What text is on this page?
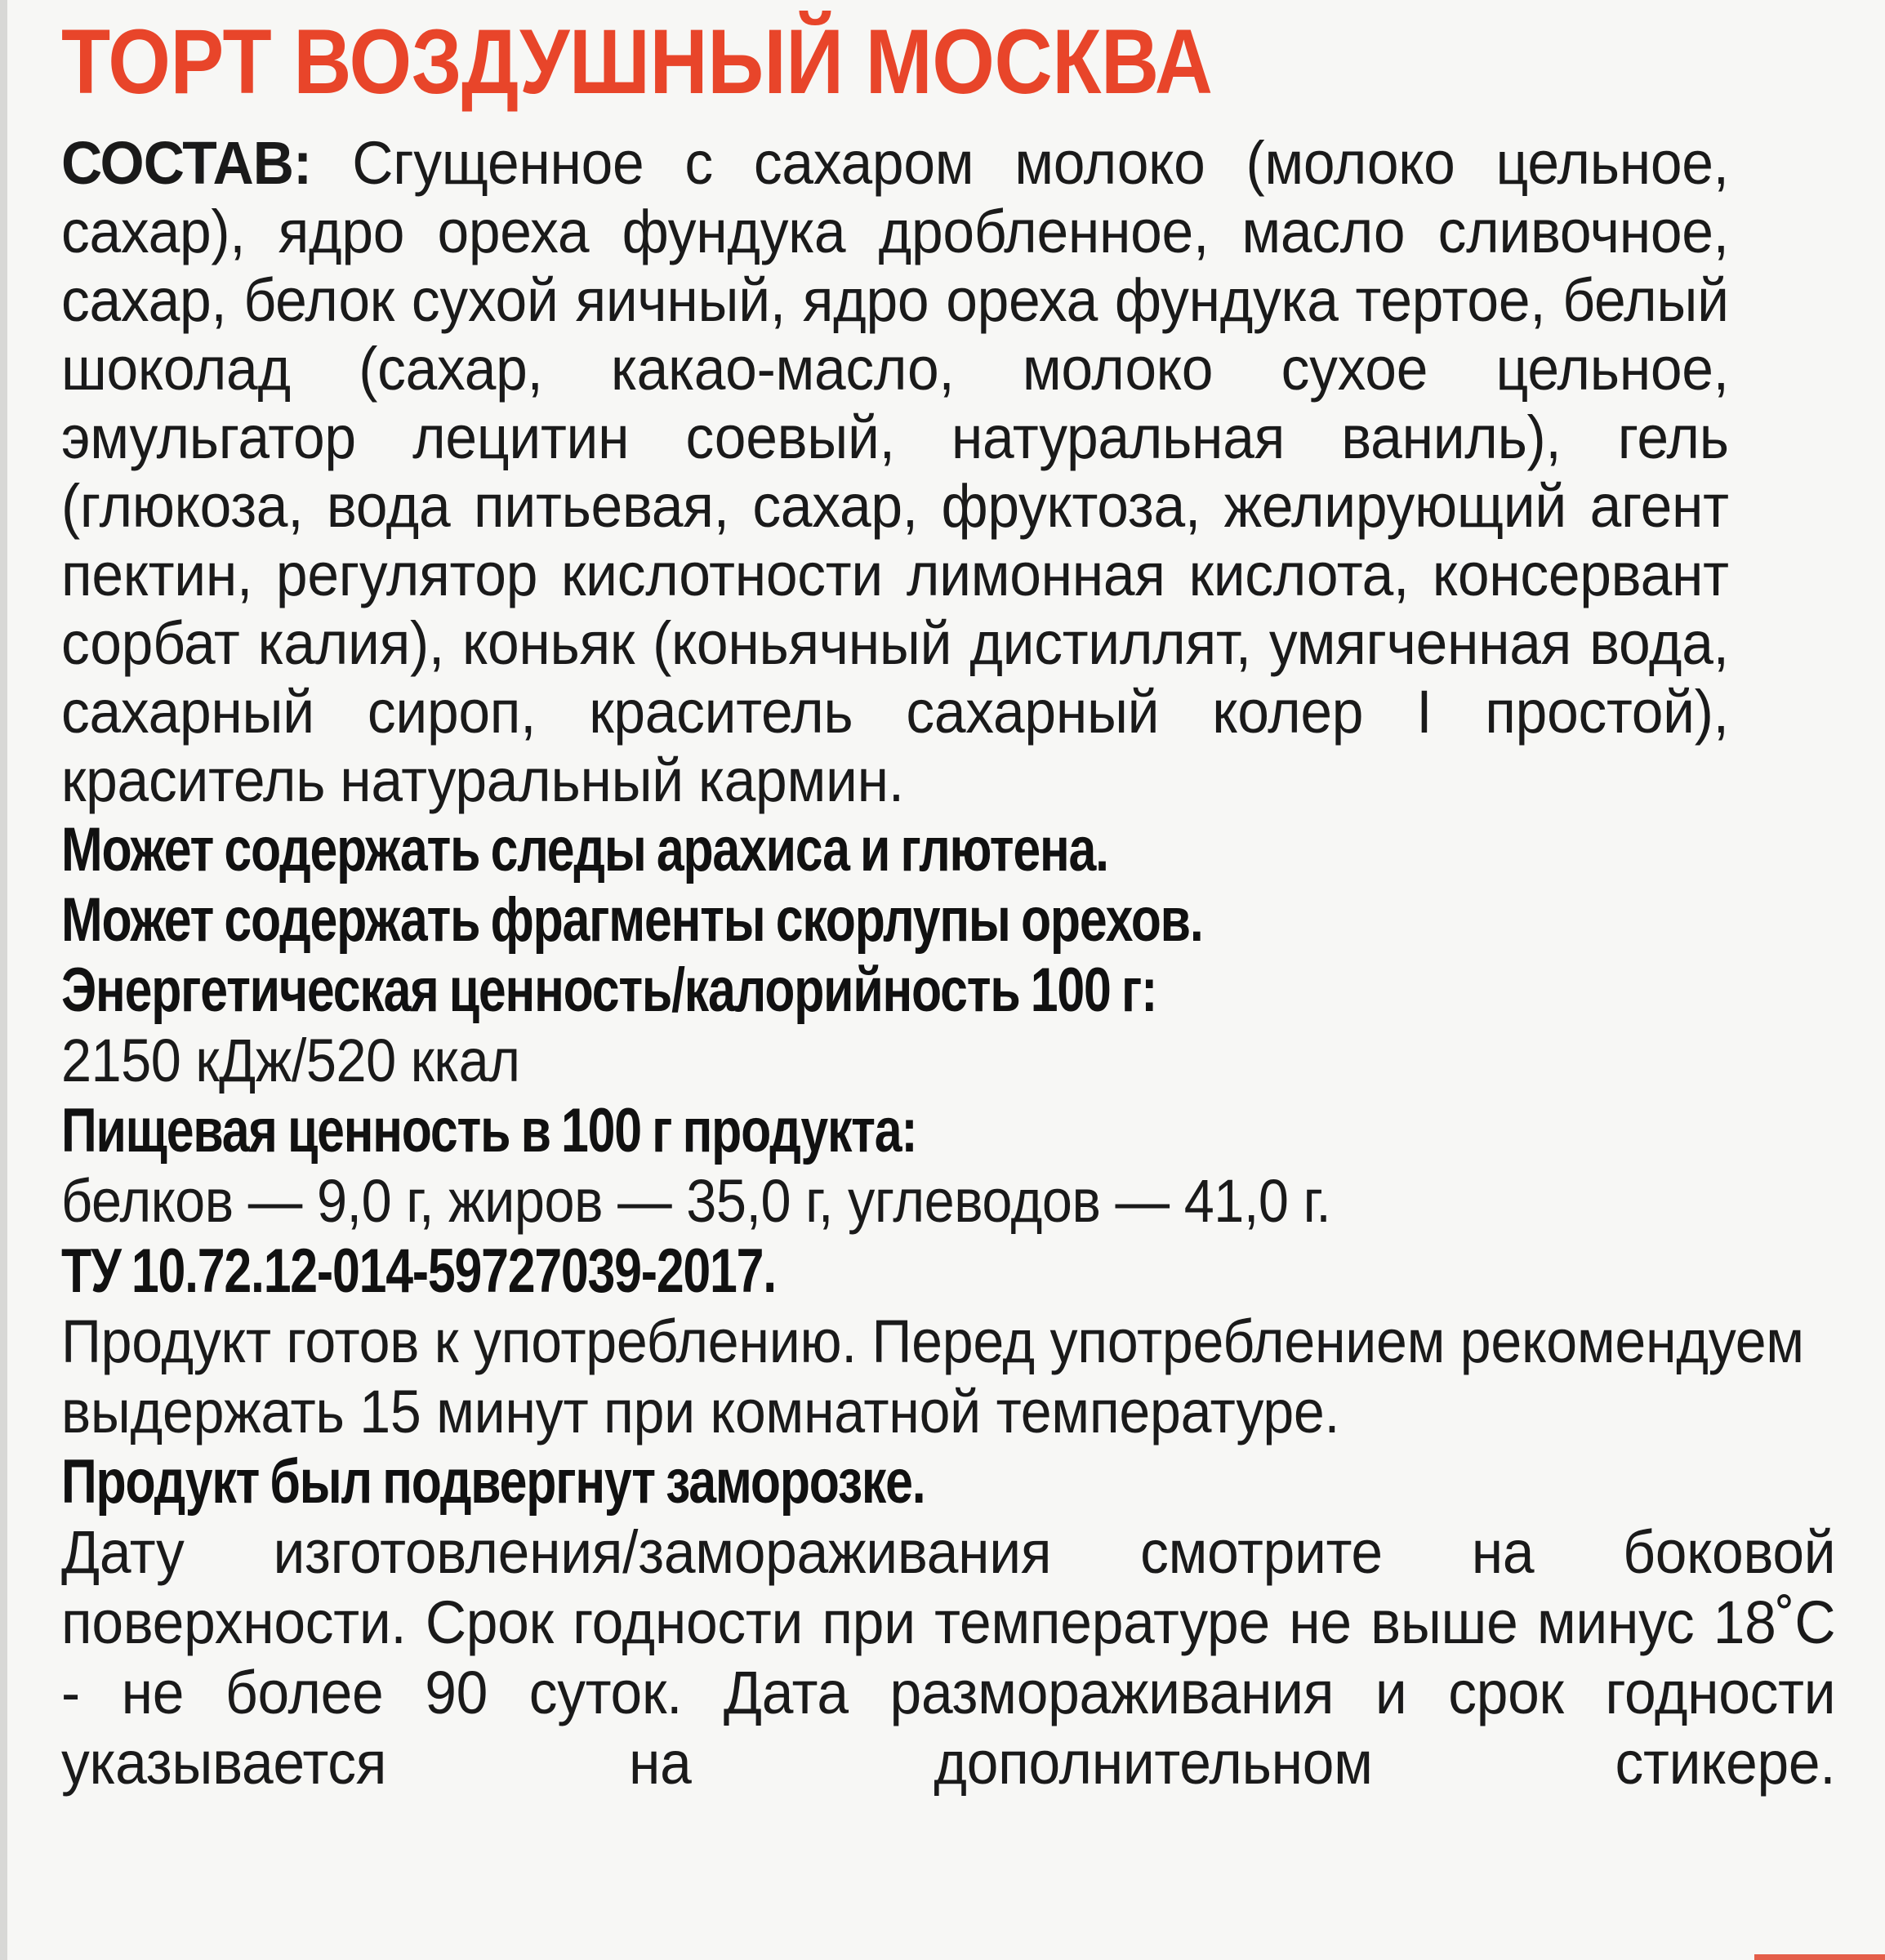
ТОРТ ВОЗДУШНЫЙ МОСКВА

СОСТАВ: Сгущенное с сахаром молоко (молоко цельное, сахар), ядро ореха фундука дробленное, масло сливочное, сахар, белок сухой яичный, ядро ореха фундука тертое, белый шоколад (сахар, какао-масло, молоко сухое цельное, эмульгатор лецитин соевый, натуральная ваниль), гель (глюкоза, вода питьевая, сахар, фруктоза, желирующий агент пектин, регулятор кислотности лимонная кислота, консервант сорбат калия), коньяк (коньячный дистиллят, умягченная вода, сахарный сироп, краситель сахарный колер I простой), краситель натуральный кармин.

Может содержать следы арахиса и глютена.

Может содержать фрагменты скорлупы орехов.

Энергетическая ценность/калорийность 100 г:

2150 кДж/520 ккал

Пищевая ценность в 100 г продукта:

белков — 9,0 г, жиров — 35,0 г, углеводов — 41,0 г.

ТУ 10.72.12-014-59727039-2017.

Продукт готов к употреблению. Перед употреблением рекомендуем выдержать 15 минут при комнатной температуре.

Продукт был подвергнут заморозке.

Дату изготовления/замораживания смотрите на боковой поверхности. Срок годности при температуре не выше минус 18˚С - не более 90 суток. Дата размораживания и срок годности указывается на дополнительном стикере.
